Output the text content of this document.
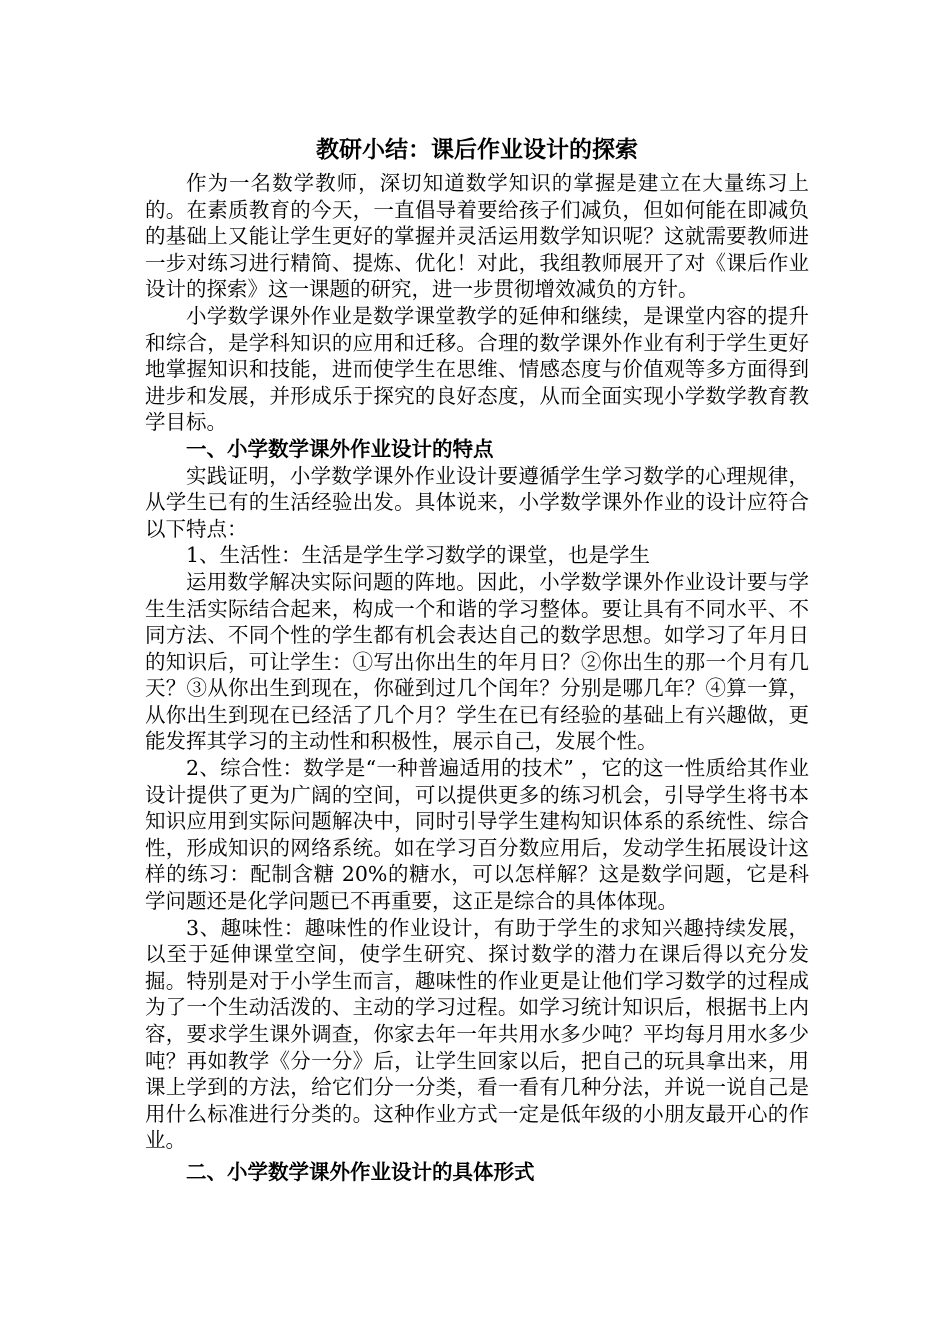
教研小结：课后作业设计的探索

作为一名数学教师，深切知道数学知识的掌握是建立在大量练习上的。在素质教育的今天，一直倡导着要给孩子们减负，但如何能在即减负的基础上又能让学生更好的掌握并灵活运用数学知识呢？这就需要教师进一步对练习进行精简、提炼、优化！对此，我组教师展开了对《课后作业设计的探索》这一课题的研究，进一步贯彻增效减负的方针。

小学数学课外作业是数学课堂教学的延伸和继续，是课堂内容的提升和综合，是学科知识的应用和迁移。合理的数学课外作业有利于学生更好地掌握知识和技能，进而使学生在思维、情感态度与价值观等多方面得到进步和发展，并形成乐于探究的良好态度，从而全面实现小学数学教育教学目标。

一、小学数学课外作业设计的特点

实践证明，小学数学课外作业设计要遵循学生学习数学的心理规律，从学生已有的生活经验出发。具体说来，小学数学课外作业的设计应符合以下特点：

1、生活性：生活是学生学习数学的课堂，也是学生

运用数学解决实际问题的阵地。因此，小学数学课外作业设计要与学生生活实际结合起来，构成一个和谐的学习整体。要让具有不同水平、不同方法、不同个性的学生都有机会表达自己的数学思想。如学习了年月日的知识后，可让学生：①写出你出生的年月日？②你出生的那一个月有几天？③从你出生到现在，你碰到过几个闰年？分别是哪几年？④算一算，从你出生到现在已经活了几个月？学生在已有经验的基础上有兴趣做，更能发挥其学习的主动性和积极性，展示自己，发展个性。

2、综合性：数学是“一种普遍适用的技术” ，它的这一性质给其作业设计提供了更为广阔的空间，可以提供更多的练习机会，引导学生将书本知识应用到实际问题解决中，同时引导学生建构知识体系的系统性、综合性，形成知识的网络系统。如在学习百分数应用后，发动学生拓展设计这样的练习：配制含糖 20%的糖水，可以怎样解？这是数学问题，它是科学问题还是化学问题已不再重要，这正是综合的具体体现。

3、趣味性：趣味性的作业设计，有助于学生的求知兴趣持续发展，以至于延伸课堂空间，使学生研究、探讨数学的潜力在课后得以充分发掘。特别是对于小学生而言，趣味性的作业更是让他们学习数学的过程成为了一个生动活泼的、主动的学习过程。如学习统计知识后，根据书上内容，要求学生课外调查，你家去年一年共用水多少吨？平均每月用水多少吨？再如教学《分一分》后，让学生回家以后，把自己的玩具拿出来，用课上学到的方法，给它们分一分类，看一看有几种分法，并说一说自己是用什么标准进行分类的。这种作业方式一定是低年级的小朋友最开心的作业。

二、小学数学课外作业设计的具体形式
